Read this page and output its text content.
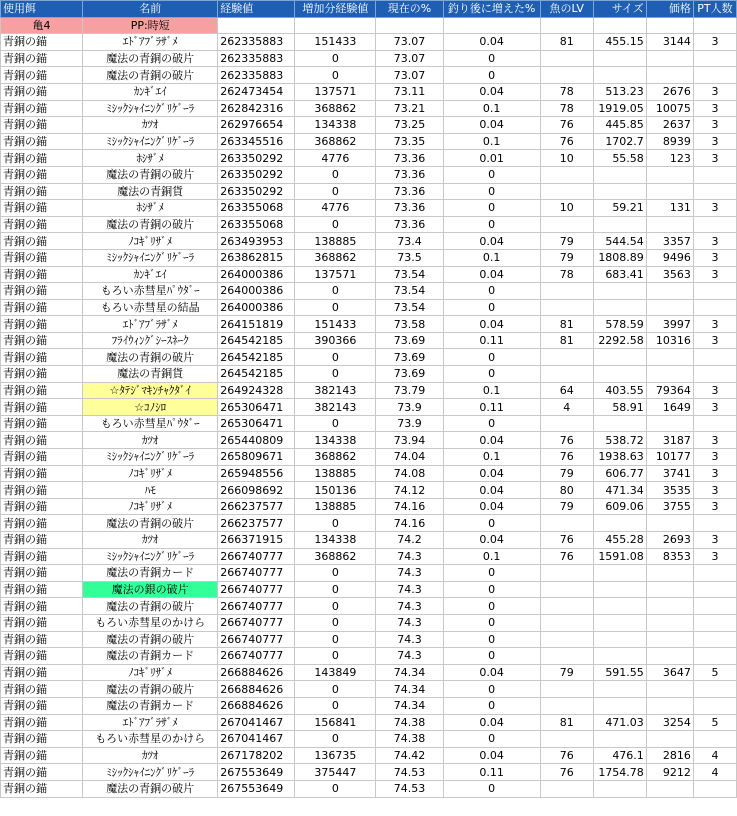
使用餌	名前	経験値	増加分経験値	現在の%	釣り後に増えた%	魚のLV	サイズ	価格	PT人数
亀4	PP:時短								
青銅の錨	ｴﾄﾞｱﾌﾞﾗｻﾞﾒ	262335883	151433	73.07	0.04	81	455.15	3144	3
青銅の錨	魔法の青銅の破片	262335883	0	73.07	0				
青銅の錨	魔法の青銅の破片	262335883	0	73.07	0				
青銅の錨	ｶﾝｷﾞｴｲ	262473454	137571	73.11	0.04	78	513.23	2676	3
青銅の錨	ﾐｼｯｸｼｬｲﾆﾝｸﾞﾘｹﾞｰﾗ	262842316	368862	73.21	0.1	78	1919.05	10075	3
青銅の錨	ｶﾂｵ	262976654	134338	73.25	0.04	76	445.85	2637	3
青銅の錨	ﾐｼｯｸｼｬｲﾆﾝｸﾞﾘｹﾞｰﾗ	263345516	368862	73.35	0.1	76	1702.7	8939	3
青銅の錨	ﾎｼｻﾞﾒ	263350292	4776	73.36	0.01	10	55.58	123	3
青銅の錨	魔法の青銅の破片	263350292	0	73.36	0				
青銅の錨	魔法の青銅貨	263350292	0	73.36	0				
青銅の錨	ﾎｼｻﾞﾒ	263355068	4776	73.36	0	10	59.21	131	3
青銅の錨	魔法の青銅の破片	263355068	0	73.36	0				
青銅の錨	ﾉｺｷﾞﾘｻﾞﾒ	263493953	138885	73.4	0.04	79	544.54	3357	3
青銅の錨	ﾐｼｯｸｼｬｲﾆﾝｸﾞﾘｹﾞｰﾗ	263862815	368862	73.5	0.1	79	1808.89	9496	3
青銅の錨	ｶﾝｷﾞｴｲ	264000386	137571	73.54	0.04	78	683.41	3563	3
青銅の錨	もろい赤彗星ﾊﾟｳﾀﾞｰ	264000386	0	73.54	0				
青銅の錨	もろい赤彗星の結晶	264000386	0	73.54	0				
青銅の錨	ｴﾄﾞｱﾌﾞﾗｻﾞﾒ	264151819	151433	73.58	0.04	81	578.59	3997	3
青銅の錨	ﾌﾗｲｳｨﾝｸﾞｼｰｽﾈｰｸ	264542185	390366	73.69	0.11	81	2292.58	10316	3
青銅の錨	魔法の青銅の破片	264542185	0	73.69	0				
青銅の錨	魔法の青銅貨	264542185	0	73.69	0				
青銅の錨	☆ﾀﾃｼﾞﾏｷﾝﾁｬｸﾀﾞｲ	264924328	382143	73.79	0.1	64	403.55	79364	3
青銅の錨	☆ｺﾉｼﾛ	265306471	382143	73.9	0.11	4	58.91	1649	3
青銅の錨	もろい赤彗星ﾊﾟｳﾀﾞｰ	265306471	0	73.9	0				
青銅の錨	ｶﾂｵ	265440809	134338	73.94	0.04	76	538.72	3187	3
青銅の錨	ﾐｼｯｸｼｬｲﾆﾝｸﾞﾘｹﾞｰﾗ	265809671	368862	74.04	0.1	76	1938.63	10177	3
青銅の錨	ﾉｺｷﾞﾘｻﾞﾒ	265948556	138885	74.08	0.04	79	606.77	3741	3
青銅の錨	ﾊﾓ	266098692	150136	74.12	0.04	80	471.34	3535	3
青銅の錨	ﾉｺｷﾞﾘｻﾞﾒ	266237577	138885	74.16	0.04	79	609.06	3755	3
青銅の錨	魔法の青銅の破片	266237577	0	74.16	0				
青銅の錨	ｶﾂｵ	266371915	134338	74.2	0.04	76	455.28	2693	3
青銅の錨	ﾐｼｯｸｼｬｲﾆﾝｸﾞﾘｹﾞｰﾗ	266740777	368862	74.3	0.1	76	1591.08	8353	3
青銅の錨	魔法の青銅カード	266740777	0	74.3	0				
青銅の錨	魔法の銀の破片	266740777	0	74.3	0				
青銅の錨	魔法の青銅の破片	266740777	0	74.3	0				
青銅の錨	もろい赤彗星のかけら	266740777	0	74.3	0				
青銅の錨	魔法の青銅の破片	266740777	0	74.3	0				
青銅の錨	魔法の青銅カード	266740777	0	74.3	0				
青銅の錨	ﾉｺｷﾞﾘｻﾞﾒ	266884626	143849	74.34	0.04	79	591.55	3647	5
青銅の錨	魔法の青銅の破片	266884626	0	74.34	0				
青銅の錨	魔法の青銅カード	266884626	0	74.34	0				
青銅の錨	ｴﾄﾞｱﾌﾞﾗｻﾞﾒ	267041467	156841	74.38	0.04	81	471.03	3254	5
青銅の錨	もろい赤彗星のかけら	267041467	0	74.38	0				
青銅の錨	ｶﾂｵ	267178202	136735	74.42	0.04	76	476.1	2816	4
青銅の錨	ﾐｼｯｸｼｬｲﾆﾝｸﾞﾘｹﾞｰﾗ	267553649	375447	74.53	0.11	76	1754.78	9212	4
青銅の錨	魔法の青銅の破片	267553649	0	74.53	0				
